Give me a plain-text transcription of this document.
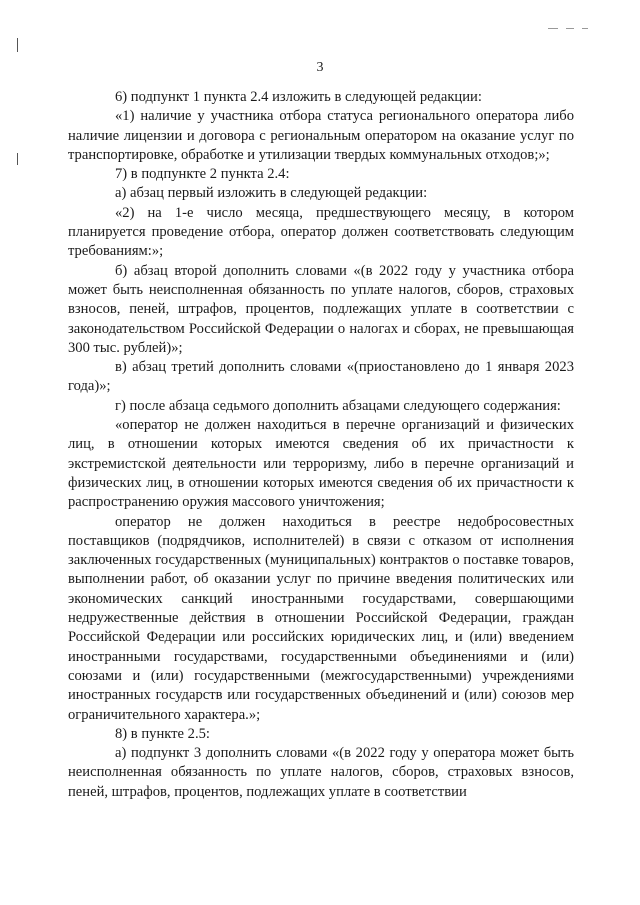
3

6) подпункт 1 пункта 2.4 изложить в следующей редакции:

«1) наличие у участника отбора статуса регионального оператора либо наличие лицензии и договора с региональным оператором на оказание услуг по транспортировке, обработке и утилизации твердых коммунальных отходов;»;

7) в подпункте 2 пункта 2.4:

а) абзац первый изложить в следующей редакции:

«2) на 1-е число месяца, предшествующего месяцу, в котором планируется проведение отбора, оператор должен соответствовать следующим требованиям:»;

б) абзац второй дополнить словами «(в 2022 году у участника отбора может быть неисполненная обязанность по уплате налогов, сборов, страховых взносов, пеней, штрафов, процентов, подлежащих уплате в соответствии с законодательством Российской Федерации о налогах и сборах, не превышающая 300 тыс. рублей)»;

в) абзац третий дополнить словами «(приостановлено до 1 января 2023 года)»;

г) после абзаца седьмого дополнить абзацами следующего содержания:

«оператор не должен находиться в перечне организаций и физических лиц, в отношении которых имеются сведения об их причастности к экстремистской деятельности или терроризму, либо в перечне организаций и физических лиц, в отношении которых имеются сведения об их причастности к распространению оружия массового уничтожения;

оператор не должен находиться в реестре недобросовестных поставщиков (подрядчиков, исполнителей) в связи с отказом от исполнения заключенных государственных (муниципальных) контрактов о поставке товаров, выполнении работ, об оказании услуг по причине введения политических или экономических санкций иностранными государствами, совершающими недружественные действия в отношении Российской Федерации, граждан Российской Федерации или российских юридических лиц, и (или) введением иностранными государствами, государственными объединениями и (или) союзами и (или) государственными (межгосударственными) учреждениями иностранных государств или государственных объединений и (или) союзов мер ограничительного характера.»;

8) в пункте 2.5:

а) подпункт 3 дополнить словами «(в 2022 году у оператора может быть неисполненная обязанность по уплате налогов, сборов, страховых взносов, пеней, штрафов, процентов, подлежащих уплате в соответствии
